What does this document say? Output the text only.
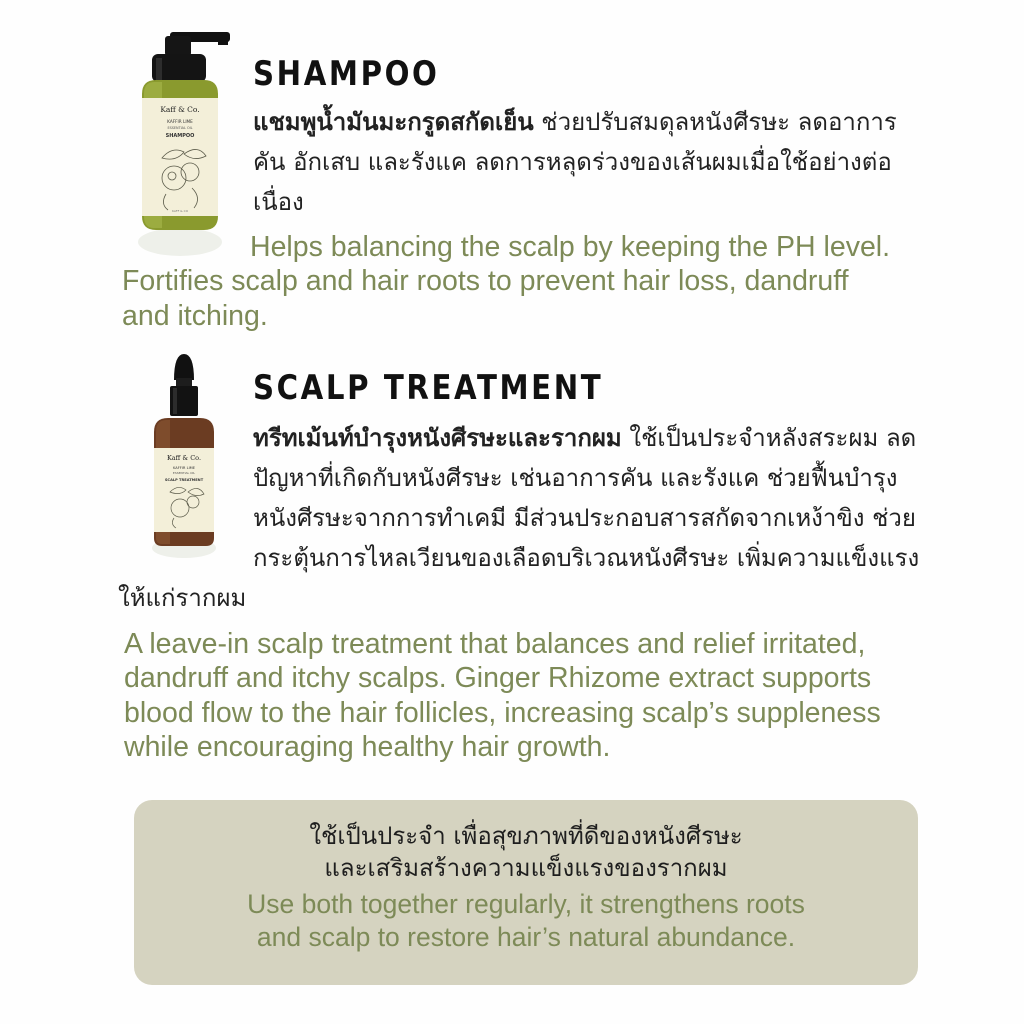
Kaff & Co.
KAFFIR LIME
ESSENTIAL OIL
SHAMPOO
KAFF & CO
SHAMPOO
แชมพูน้ำมันมะกรูดสกัดเย็น ช่วยปรับสมดุลหนังศีรษะ ลดอาการ
คัน อักเสบ และรังแค ลดการหลุดร่วงของเส้นผมเมื่อใช้อย่างต่อ
เนื่อง
Helps balancing the scalp by keeping the PH level.
Fortifies scalp and hair roots to prevent hair loss, dandruff
and itching.
Kaff & Co.
KAFFIR LIME
ESSENTIAL OIL
SCALP TREATMENT
SCALP TREATMENT
ทรีทเม้นท์บำรุงหนังศีรษะและรากผม ใช้เป็นประจำหลังสระผม ลด
ปัญหาที่เกิดกับหนังศีรษะ เช่นอาการคัน และรังแค ช่วยฟื้นบำรุง
หนังศีรษะจากการทำเคมี มีส่วนประกอบสารสกัดจากเหง้าขิง ช่วย
กระตุ้นการไหลเวียนของเลือดบริเวณหนังศีรษะ เพิ่มความแข็งแรง
ให้แก่รากผม
A leave-in scalp treatment that balances and relief irritated,
dandruff and itchy scalps. Ginger Rhizome extract supports
blood flow to the hair follicles, increasing scalp’s suppleness
while encouraging healthy hair growth.
ใช้เป็นประจำ เพื่อสุขภาพที่ดีของหนังศีรษะ
และเสริมสร้างความแข็งแรงของรากผม
Use both together regularly, it strengthens roots
and scalp to restore hair’s natural abundance.
